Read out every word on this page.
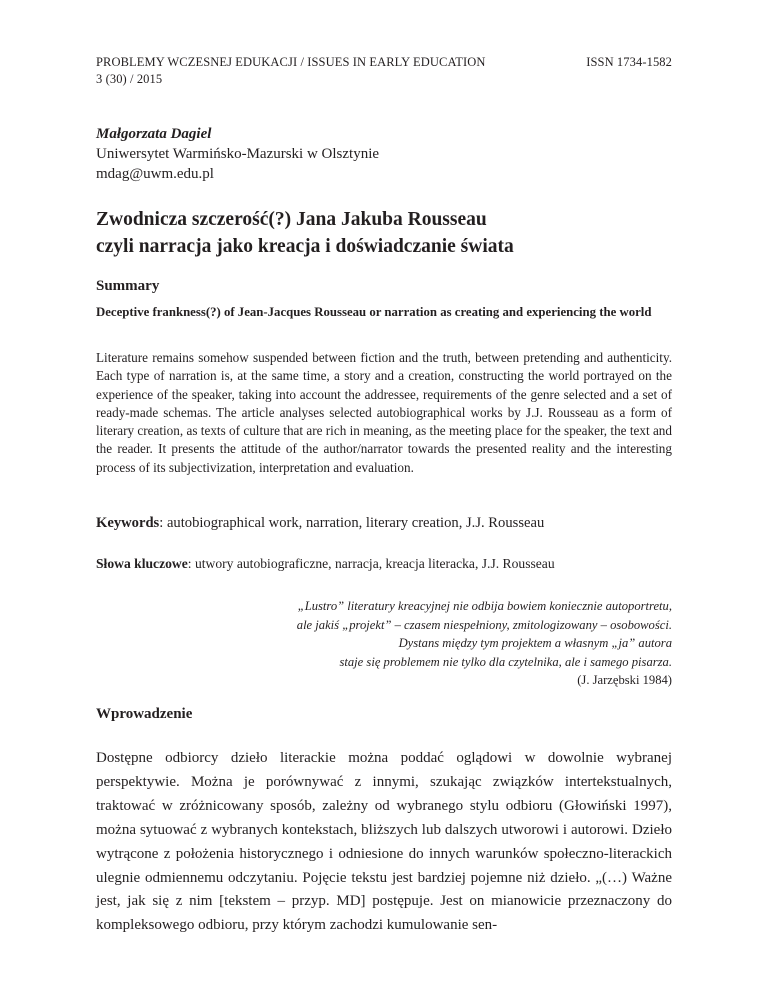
PROBLEMY WCZESNEJ EDUKACJI / ISSUES IN EARLY EDUCATION
3 (30) / 2015
ISSN 1734-1582
Małgorzata Dagiel
Uniwersytet Warmińsko-Mazurski w Olsztynie
mdag@uwm.edu.pl
Zwodnicza szczerość(?) Jana Jakuba Rousseau
czyli narracja jako kreacja i doświadczanie świata
Summary
Deceptive frankness(?) of Jean-Jacques Rousseau or narration as creating and experiencing the world
Literature remains somehow suspended between fiction and the truth, between pretending and authenticity. Each type of narration is, at the same time, a story and a creation, constructing the world portrayed on the experience of the speaker, taking into account the addressee, requirements of the genre selected and a set of ready-made schemas. The article analyses selected autobiographical works by J.J. Rousseau as a form of literary creation, as texts of culture that are rich in meaning, as the meeting place for the speaker, the text and the reader. It presents the attitude of the author/narrator towards the presented reality and the interesting process of its subjectivization, interpretation and evaluation.
Keywords: autobiographical work, narration, literary creation, J.J. Rousseau
Słowa kluczowe: utwory autobiograficzne, narracja, kreacja literacka, J.J. Rousseau
„Lustro” literatury kreacyjnej nie odbija bowiem koniecznie autoportretu,
ale jakiś „projekt” – czasem niespełniony, zmitologizowany – osobowości.
Dystans między tym projektem a własnym „ja” autora
staje się problemem nie tylko dla czytelnika, ale i samego pisarza.
(J. Jarzębski 1984)
Wprowadzenie
Dostępne odbiorcy dzieło literackie można poddać oglądowi w dowolnie wybranej perspektywie. Można je porównywać z innymi, szukając związków intertekstualnych, traktować w zróżnicowany sposób, zależny od wybranego stylu odbioru (Głowiński 1997), można sytuować z wybranych kontekstach, bliższych lub dalszych utworowi i autorowi. Dzieło wytrącone z położenia historycznego i odniesione do innych warunków społeczno-literackich ulegnie odmiennemu odczytaniu. Pojęcie tekstu jest bardziej pojemne niż dzieło. „(…) Ważne jest, jak się z nim [tekstem – przyp. MD] postępuje. Jest on mianowicie przeznaczony do kompleksowego odbioru, przy którym zachodzi kumulowanie sen-
